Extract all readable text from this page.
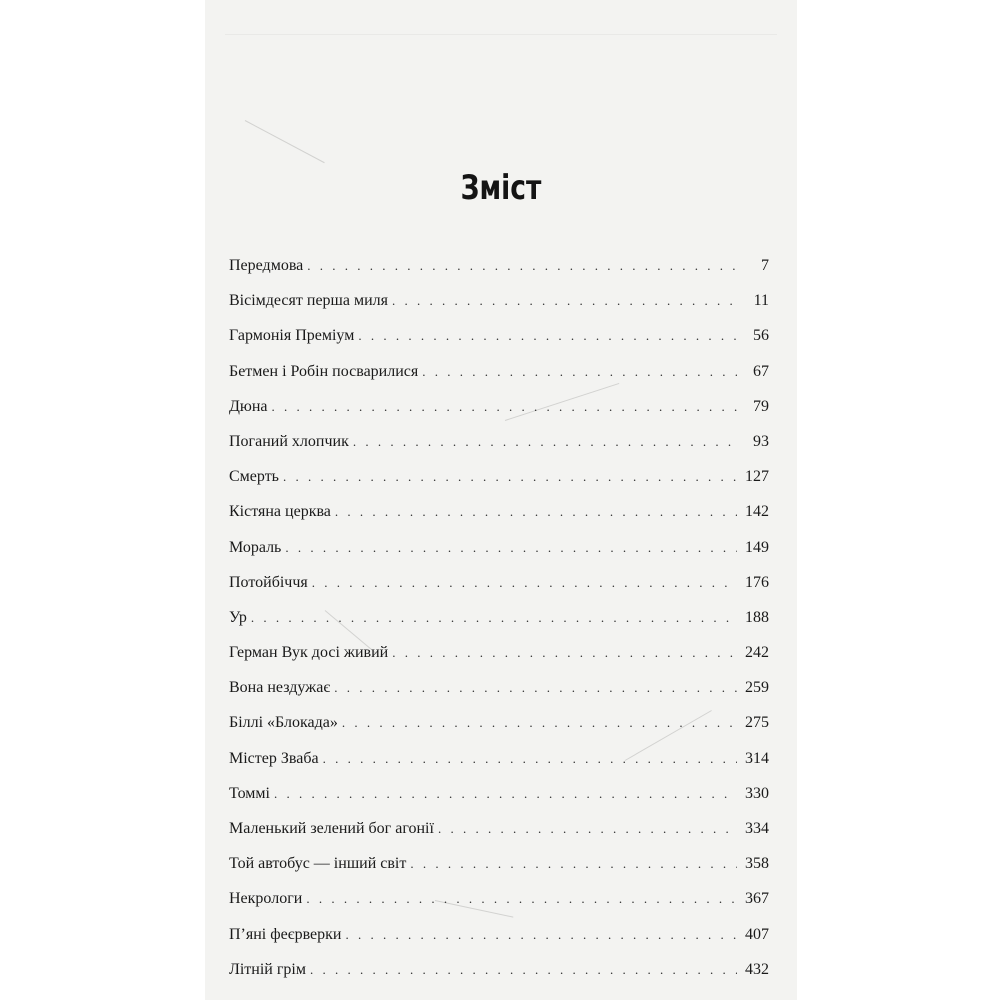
Зміст
Передмова . . .	7
Вісімдесят перша миля . . .	11
Гармонія Преміум . . .	56
Бетмен і Робін посварилися . . .	67
Дюна . . .	79
Поганий хлопчик . . .	93
Смерть . . .	127
Кістяна церква . . .	142
Мораль . . .	149
Потойбіччя . . .	176
Ур . . .	188
Герман Вук досі живий . . .	242
Вона нездужає . . .	259
Біллі «Блокада» . . .	275
Містер Зваба . . .	314
Томмі . . .	330
Маленький зелений бог агонії . . .	334
Той автобус — інший світ . . .	358
Некрологи . . .	367
П’яні феєрверки . . .	407
Літній грім . . .	432
